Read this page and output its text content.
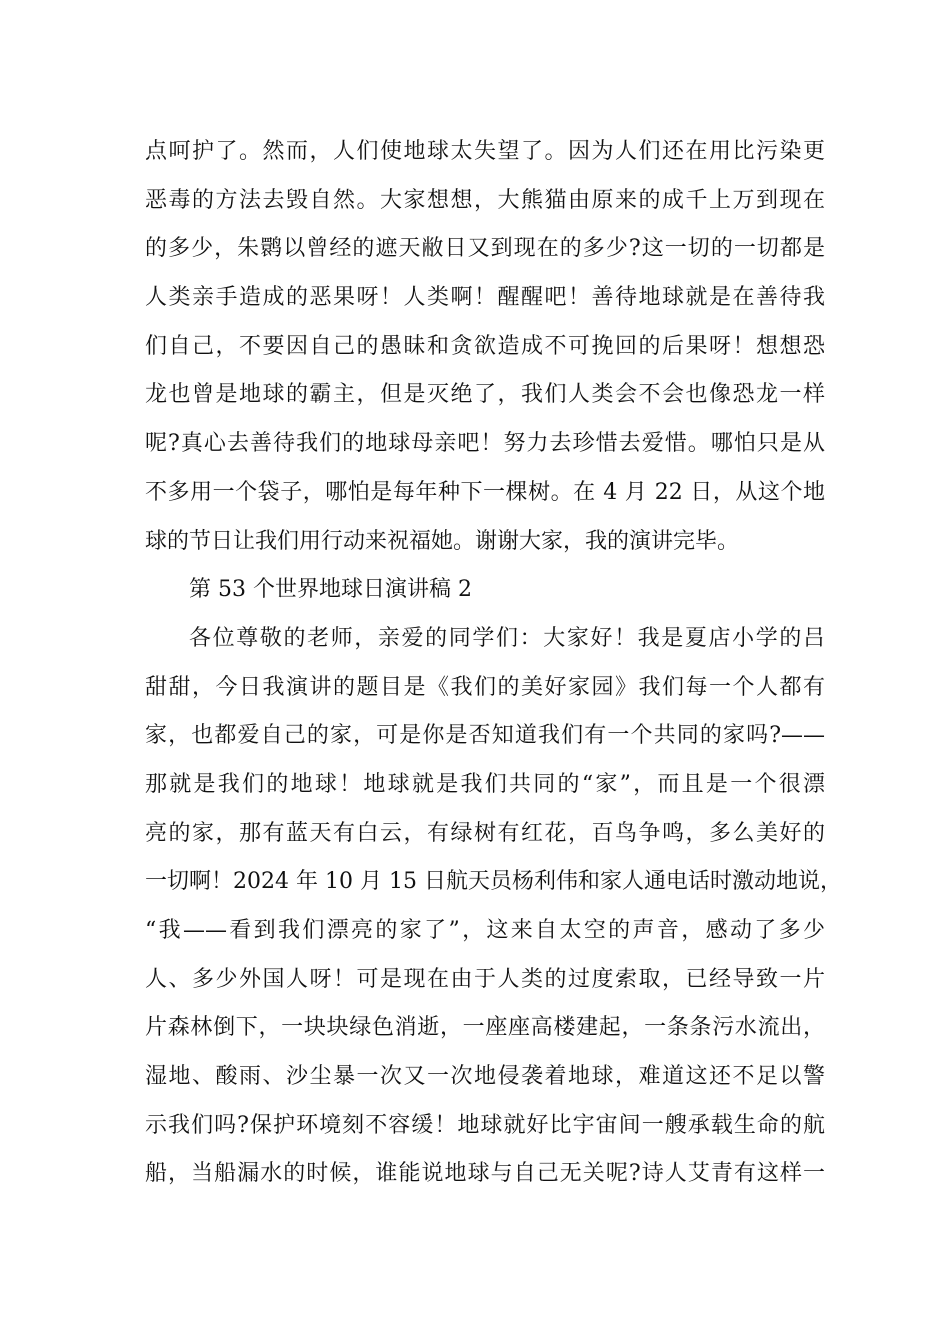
点呵护了。然而，人们使地球太失望了。因为人们还在用比污染更
恶毒的方法去毁自然。大家想想，大熊猫由原来的成千上万到现在
的多少，朱鹮以曾经的遮天敝日又到现在的多少?这一切的一切都是
人类亲手造成的恶果呀！人类啊！醒醒吧！善待地球就是在善待我
们自己，不要因自己的愚昧和贪欲造成不可挽回的后果呀！想想恐
龙也曾是地球的霸主，但是灭绝了，我们人类会不会也像恐龙一样
呢?真心去善待我们的地球母亲吧！努力去珍惜去爱惜。哪怕只是从
不多用一个袋子，哪怕是每年种下一棵树。在 4 月 22 日，从这个地
球的节日让我们用行动来祝福她。谢谢大家，我的演讲完毕。
第 53 个世界地球日演讲稿 2
各位尊敬的老师，亲爱的同学们：大家好！我是夏店小学的吕
甜甜，今日我演讲的题目是《我们的美好家园》我们每一个人都有
家，也都爱自己的家，可是你是否知道我们有一个共同的家吗?——
那就是我们的地球！地球就是我们共同的“家”，而且是一个很漂
亮的家，那有蓝天有白云，有绿树有红花，百鸟争鸣，多么美好的
一切啊！2024 年 10 月 15 日航天员杨利伟和家人通电话时激动地说，
“我——看到我们漂亮的家了”，这来自太空的声音，感动了多少
人、多少外国人呀！可是现在由于人类的过度索取，已经导致一片
片森林倒下，一块块绿色消逝，一座座高楼建起，一条条污水流出，
湿地、酸雨、沙尘暴一次又一次地侵袭着地球，难道这还不足以警
示我们吗?保护环境刻不容缓！地球就好比宇宙间一艘承载生命的航
船，当船漏水的时候，谁能说地球与自己无关呢?诗人艾青有这样一
